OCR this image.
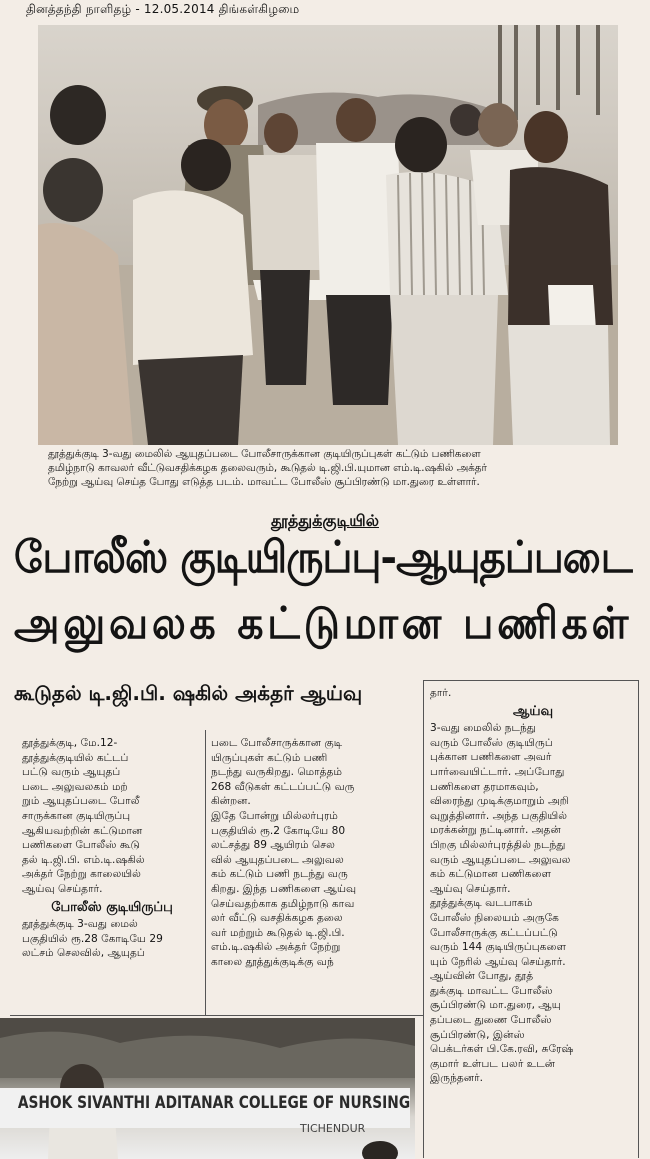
தினத்தந்தி நாளிதழ் - 12.05.2014 திங்கள்கிழமை
தூத்துக்குடி 3-வது மைலில் ஆயுதப்படை போலீசாருக்கான குடியிருப்புகள் கட்டும் பணிகளை
தமிழ்நாடு காவலர் வீட்டுவசதிக்கழக தலைவரும், கூடுதல் டி.ஜி.பி.யுமான எம்.டி.ஷகில் அக்தர்
நேற்று ஆய்வு செய்த போது எடுத்த படம். மாவட்ட போலீஸ் சூப்பிரண்டு மா.துரை உள்ளார்.
தூத்துக்குடியில்
போலீஸ் குடியிருப்பு-ஆயுதப்படை
அலுவலக கட்டுமான பணிகள்
கூடுதல் டி.ஜி.பி. ஷகில் அக்தர் ஆய்வு
தூத்துக்குடி, மே.12-
தூத்துக்குடியில் கட்டப்
பட்டு வரும் ஆயுதப்
படை அலுவலகம் மற்
றும் ஆயுதப்படை போலீ
சாருக்கான குடியிருப்பு
ஆகியவற்றின் கட்டுமான
பணிகளை போலீஸ் கூடு
தல் டி.ஜி.பி. எம்.டி.ஷகில்
அக்தர் நேற்று காலையில்
ஆய்வு செய்தார்.
போலீஸ் குடியிருப்பு
தூத்துக்குடி 3-வது மைல்
பகுதியில் ரூ.28 கோடியே 29
லட்சம் செலவில், ஆயுதப்
படை போலீசாருக்கான குடி
யிருப்புகள் கட்டும் பணி
நடந்து வருகிறது. மொத்தம்
268 வீடுகள் கட்டப்பட்டு வரு
கின்றன.
இதே போன்று மில்லர்புரம்
பகுதியில் ரூ.2 கோடியே 80
லட்சத்து 89 ஆயிரம் செல
வில் ஆயுதப்படை அலுவல
கம் கட்டும் பணி நடந்து வரு
கிறது. இந்த பணிகளை ஆய்வு
செய்வதற்காக தமிழ்நாடு காவ
லர் வீட்டு வசதிக்கழக தலை
வர் மற்றும் கூடுதல் டி.ஜி.பி.
எம்.டி.ஷகில் அக்தர் நேற்று
காலை தூத்துக்குடிக்கு வந்
தார்.
ஆய்வு
3-வது மைலில் நடந்து
வரும் போலீஸ் குடியிருப்
புக்கான பணிகளை அவர்
பார்வையிட்டார். அப்போது
பணிகளை தரமாகவும்,
விரைந்து முடிக்குமாறும் அறி
வுறுத்தினார். அந்த பகுதியில்
மரக்கன்று நட்டினார். அதன்
பிறகு மில்லர்புரத்தில் நடந்து
வரும் ஆயுதப்படை அலுவல
கம் கட்டுமான பணிகளை
ஆய்வு செய்தார்.
தூத்துக்குடி வடபாகம்
போலீஸ் நிலையம் அருகே
போலீசாருக்கு கட்டப்பட்டு
வரும் 144 குடியிருப்புகளை
யும் நேரில் ஆய்வு செய்தார்.
ஆய்வின் போது, தூத்
துக்குடி மாவட்ட போலீஸ்
சூப்பிரண்டு மா.துரை, ஆயு
தப்படை துணை போலீஸ்
சூப்பிரண்டு, இன்ஸ்
பெக்டர்கள் பி.கே.ரவி, சுரேஷ்
குமார் உள்பட பலர் உடன்
இருந்தனர்.
ASHOK SIVANTHI ADITANAR COLLEGE OF NURSING
TICHENDUR
